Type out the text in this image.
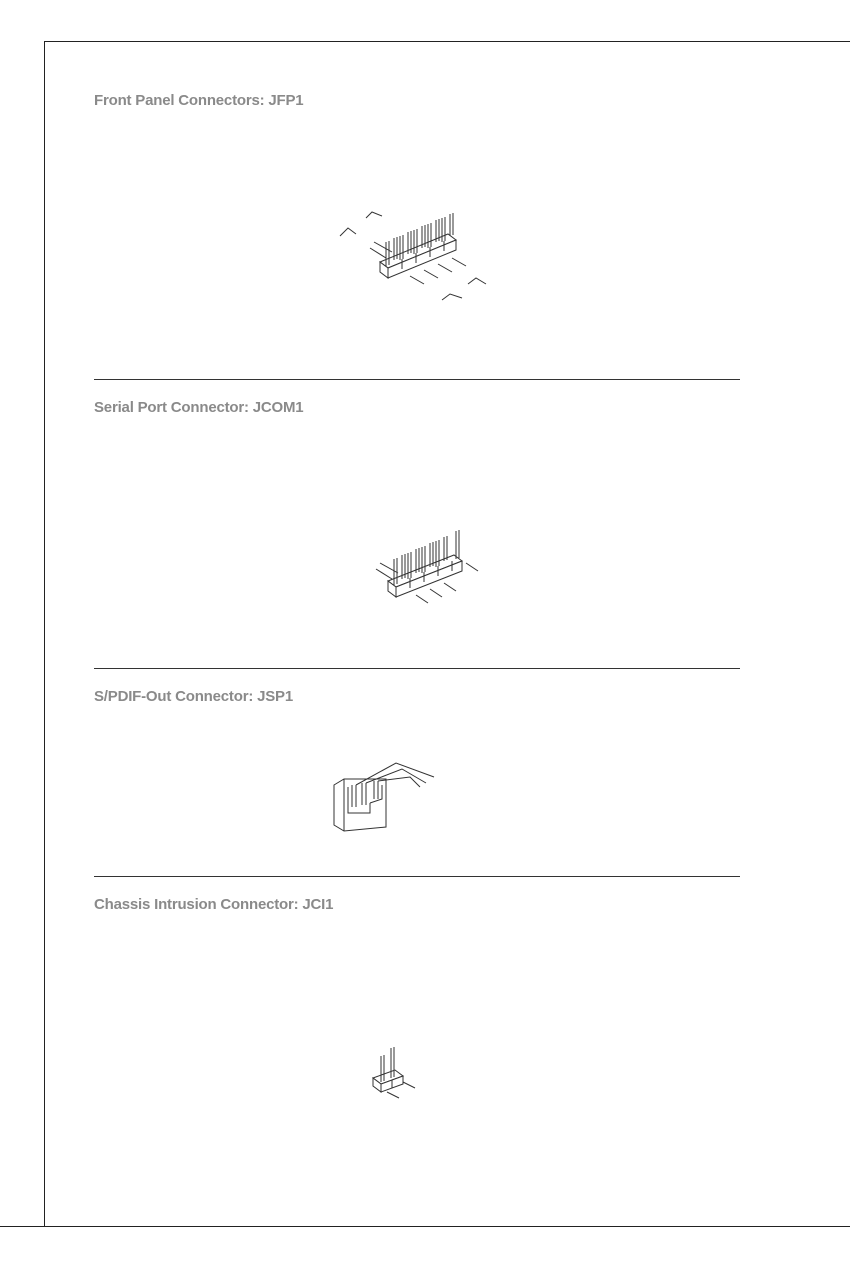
Front Panel Connectors: JFP1
Serial Port Connector: JCOM1
S/PDIF-Out Connector: JSP1
Chassis Intrusion Connector: JCI1
